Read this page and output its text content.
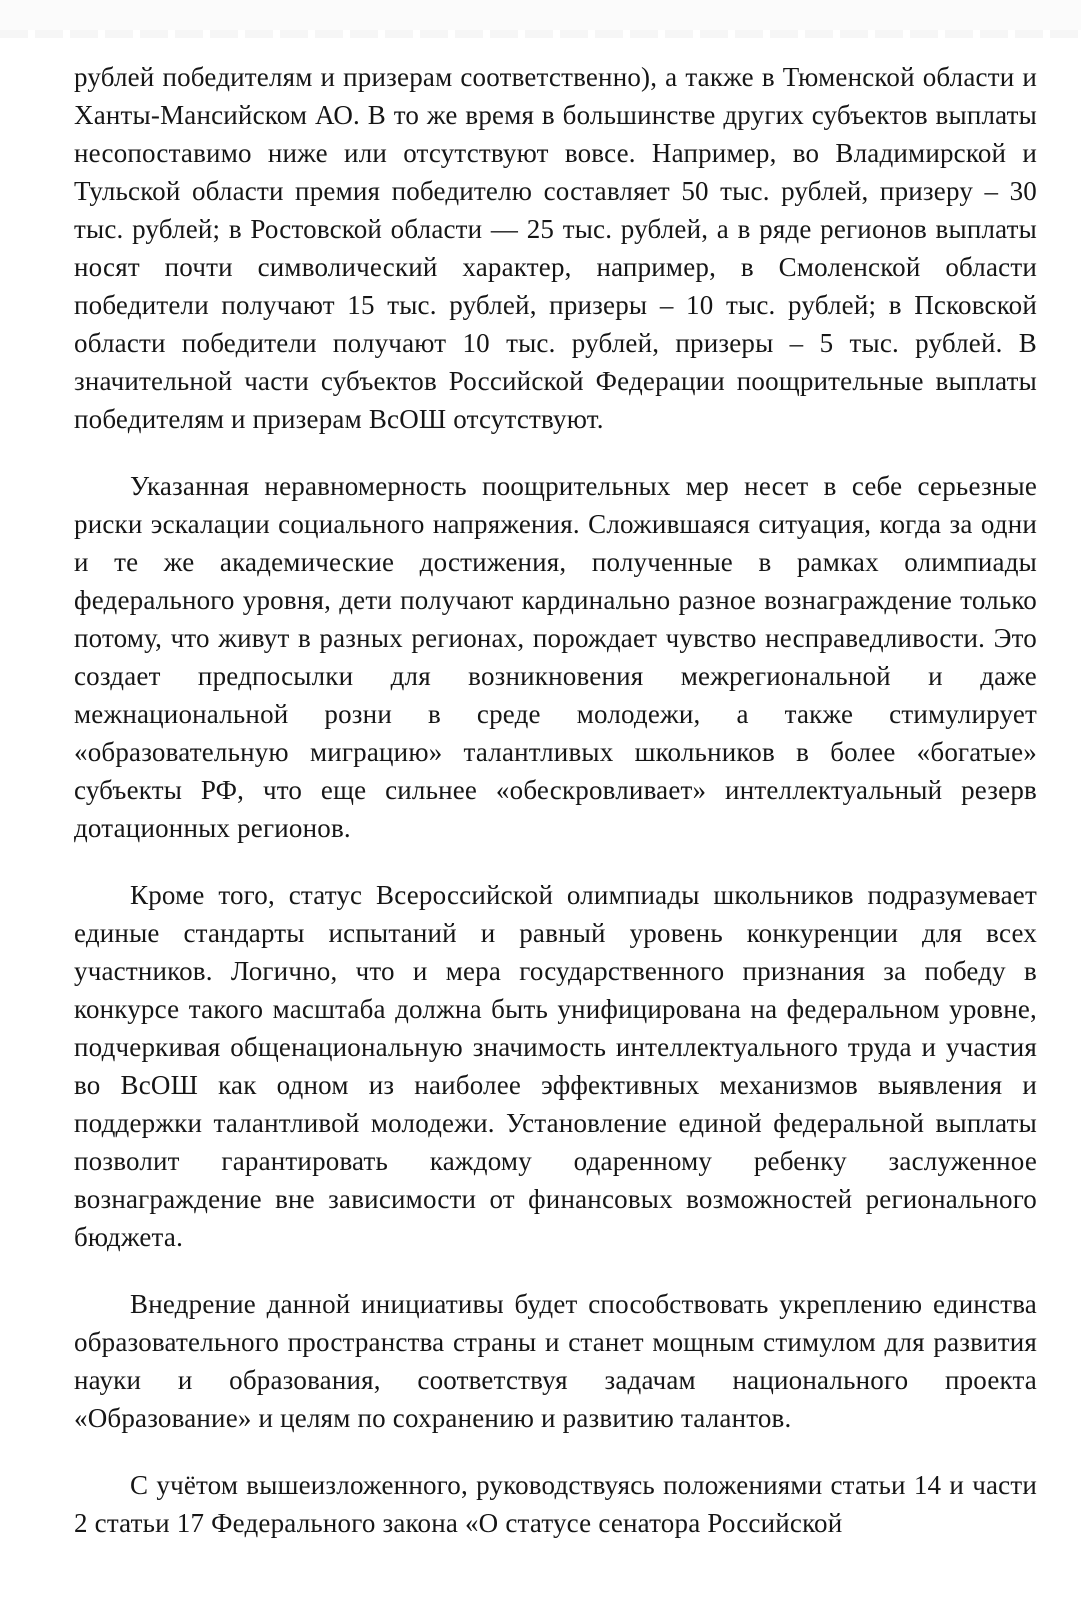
рублей победителям и призерам соответственно), а также в Тюменской области и Ханты-Мансийском АО. В то же время в большинстве других субъектов выплаты несопоставимо ниже или отсутствуют вовсе. Например, во Владимирской и Тульской области премия победителю составляет 50 тыс. рублей, призеру – 30 тыс. рублей; в Ростовской области — 25 тыс. рублей, а в ряде регионов выплаты носят почти символический характер, например, в Смоленской области победители получают 15 тыс. рублей, призеры – 10 тыс. рублей; в Псковской области победители получают 10 тыс. рублей, призеры – 5 тыс. рублей. В значительной части субъектов Российской Федерации поощрительные выплаты победителям и призерам ВсОШ отсутствуют.

Указанная неравномерность поощрительных мер несет в себе серьезные риски эскалации социального напряжения. Сложившаяся ситуация, когда за одни и те же академические достижения, полученные в рамках олимпиады федерального уровня, дети получают кардинально разное вознаграждение только потому, что живут в разных регионах, порождает чувство несправедливости. Это создает предпосылки для возникновения межрегиональной и даже межнациональной розни в среде молодежи, а также стимулирует «образовательную миграцию» талантливых школьников в более «богатые» субъекты РФ, что еще сильнее «обескровливает» интеллектуальный резерв дотационных регионов.

Кроме того, статус Всероссийской олимпиады школьников подразумевает единые стандарты испытаний и равный уровень конкуренции для всех участников. Логично, что и мера государственного признания за победу в конкурсе такого масштаба должна быть унифицирована на федеральном уровне, подчеркивая общенациональную значимость интеллектуального труда и участия во ВсОШ как одном из наиболее эффективных механизмов выявления и поддержки талантливой молодежи. Установление единой федеральной выплаты позволит гарантировать каждому одаренному ребенку заслуженное вознаграждение вне зависимости от финансовых возможностей регионального бюджета.

Внедрение данной инициативы будет способствовать укреплению единства образовательного пространства страны и станет мощным стимулом для развития науки и образования, соответствуя задачам национального проекта «Образование» и целям по сохранению и развитию талантов.

С учётом вышеизложенного, руководствуясь положениями статьи 14 и части 2 статьи 17 Федерального закона «О статусе сенатора Российской
